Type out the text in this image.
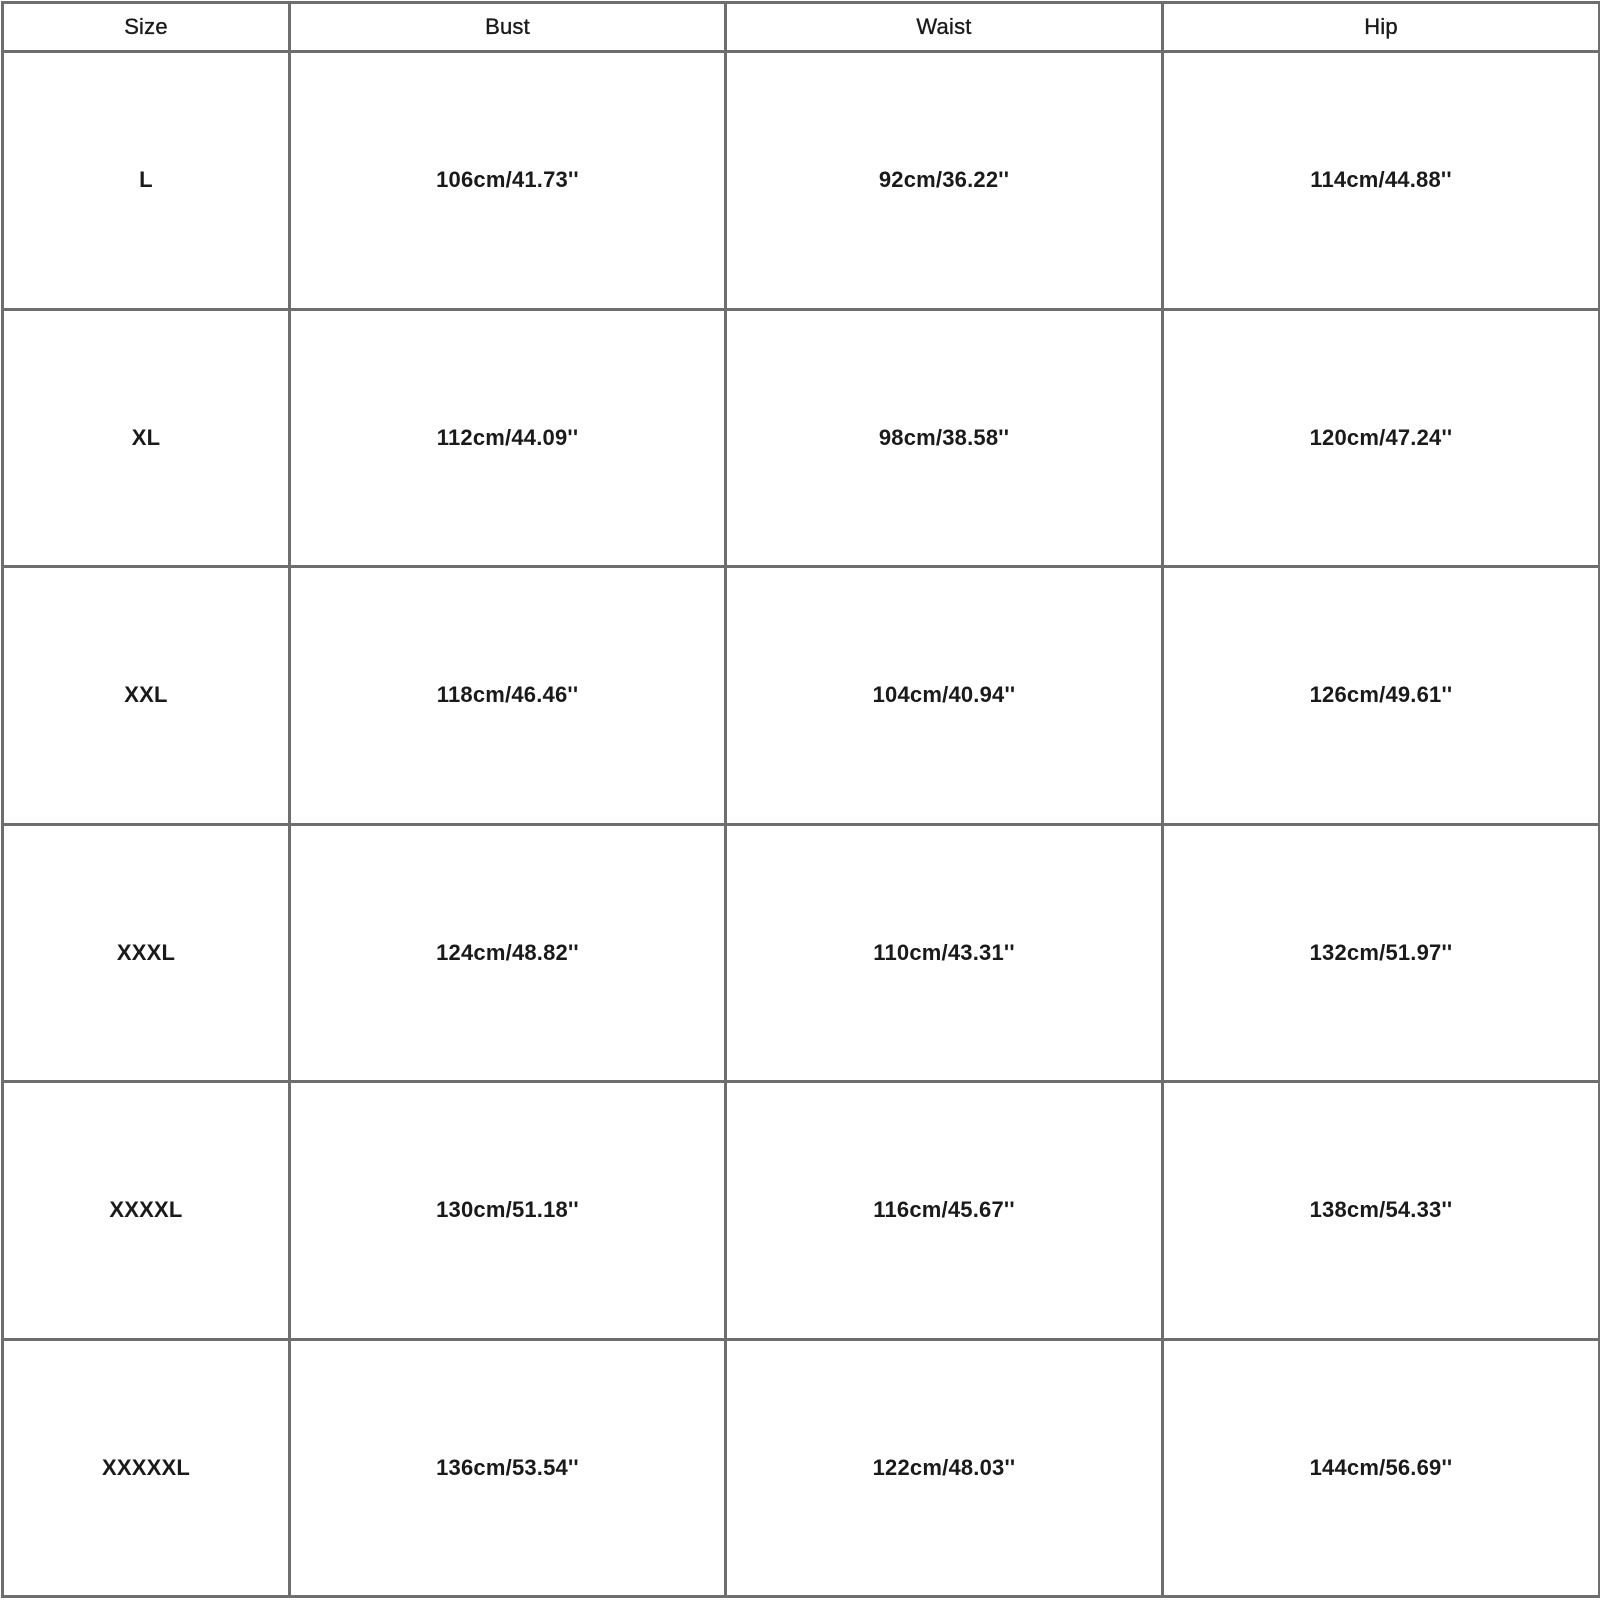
Size	Bust	Waist	Hip
L	106cm/41.73''	92cm/36.22''	114cm/44.88''
XL	112cm/44.09''	98cm/38.58''	120cm/47.24''
XXL	118cm/46.46''	104cm/40.94''	126cm/49.61''
XXXL	124cm/48.82''	110cm/43.31''	132cm/51.97''
XXXXL	130cm/51.18''	116cm/45.67''	138cm/54.33''
XXXXXL	136cm/53.54''	122cm/48.03''	144cm/56.69''
